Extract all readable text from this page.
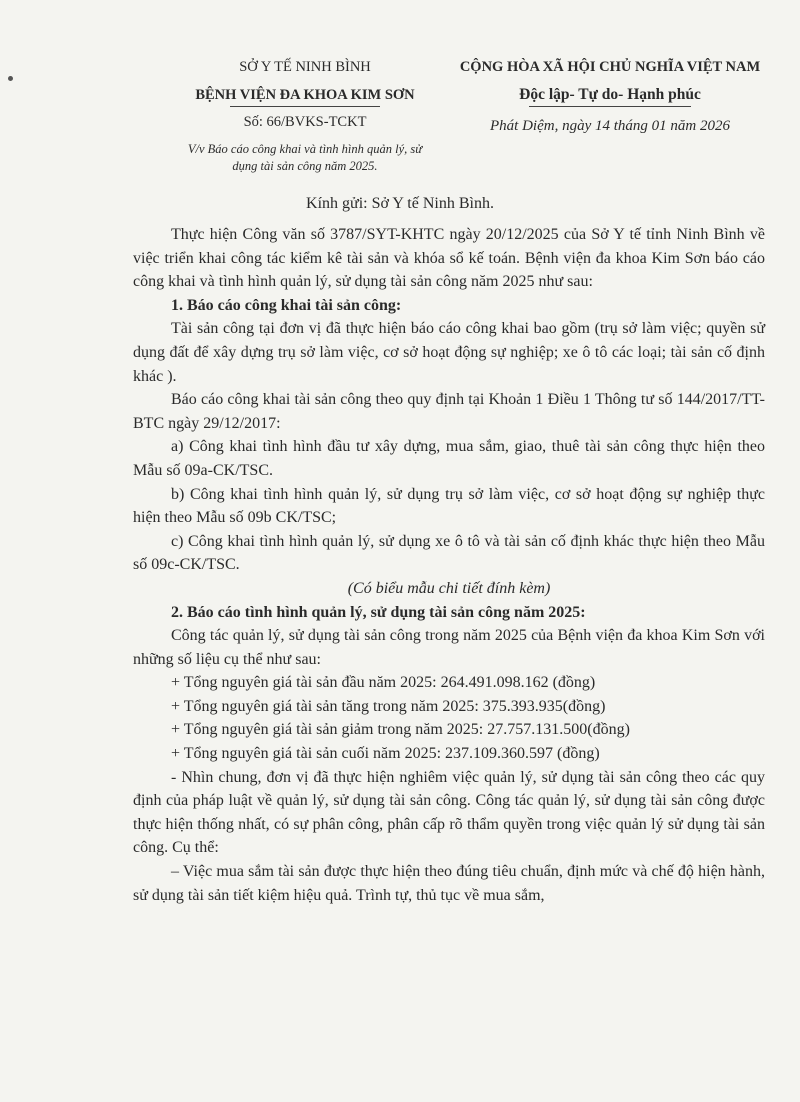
SỞ Y TẾ NINH BÌNH
BỆNH VIỆN ĐA KHOA KIM SƠN
Số: 66/BVKS-TCKT
V/v Báo cáo công khai và tình hình quản lý, sử
dụng tài sản công năm 2025.
CỘNG HÒA XÃ HỘI CHỦ NGHĨA VIỆT NAM
Độc lập- Tự do- Hạnh phúc
Phát Diệm, ngày 14 tháng 01 năm 2026
Kính gửi: Sở Y tế Ninh Bình.

Thực hiện Công văn số 3787/SYT-KHTC ngày 20/12/2025 của Sở Y tế tỉnh Ninh Bình về việc triển khai công tác kiểm kê tài sản và khóa sổ kế toán. Bệnh viện đa khoa Kim Sơn báo cáo công khai và tình hình quản lý, sử dụng tài sản công năm 2025 như sau:

1. Báo cáo công khai tài sản công:

Tài sản công tại đơn vị đã thực hiện báo cáo công khai bao gồm (trụ sở làm việc; quyền sử dụng đất để xây dựng trụ sở làm việc, cơ sở hoạt động sự nghiệp; xe ô tô các loại; tài sản cố định khác ).

Báo cáo công khai tài sản công theo quy định tại Khoản 1 Điều 1 Thông tư số 144/2017/TT-BTC ngày 29/12/2017:

a) Công khai tình hình đầu tư xây dựng, mua sắm, giao, thuê tài sản công thực hiện theo Mẫu số 09a-CK/TSC.

b) Công khai tình hình quản lý, sử dụng trụ sở làm việc, cơ sở hoạt động sự nghiệp thực hiện theo Mẫu số 09b CK/TSC;

c) Công khai tình hình quản lý, sử dụng xe ô tô và tài sản cố định khác thực hiện theo Mẫu số 09c-CK/TSC.

(Có biểu mẫu chi tiết đính kèm)

2. Báo cáo tình hình quản lý, sử dụng tài sản công năm 2025:

Công tác quản lý, sử dụng tài sản công trong năm 2025 của Bệnh viện đa khoa Kim Sơn với những số liệu cụ thể như sau:

+ Tổng nguyên giá tài sản đầu năm 2025: 264.491.098.162 (đồng)

+ Tổng nguyên giá tài sản tăng trong năm 2025: 375.393.935(đồng)

+ Tổng nguyên giá tài sản giảm trong năm 2025: 27.757.131.500(đồng)

+ Tổng nguyên giá tài sản cuối năm 2025: 237.109.360.597 (đồng)

- Nhìn chung, đơn vị đã thực hiện nghiêm việc quản lý, sử dụng tài sản công theo các quy định của pháp luật về quản lý, sử dụng tài sản công. Công tác quản lý, sử dụng tài sản công được thực hiện thống nhất, có sự phân công, phân cấp rõ thẩm quyền trong việc quản lý sử dụng tài sản công. Cụ thể:

– Việc mua sắm tài sản được thực hiện theo đúng tiêu chuẩn, định mức và chế độ hiện hành, sử dụng tài sản tiết kiệm hiệu quả. Trình tự, thủ tục về mua sắm,
